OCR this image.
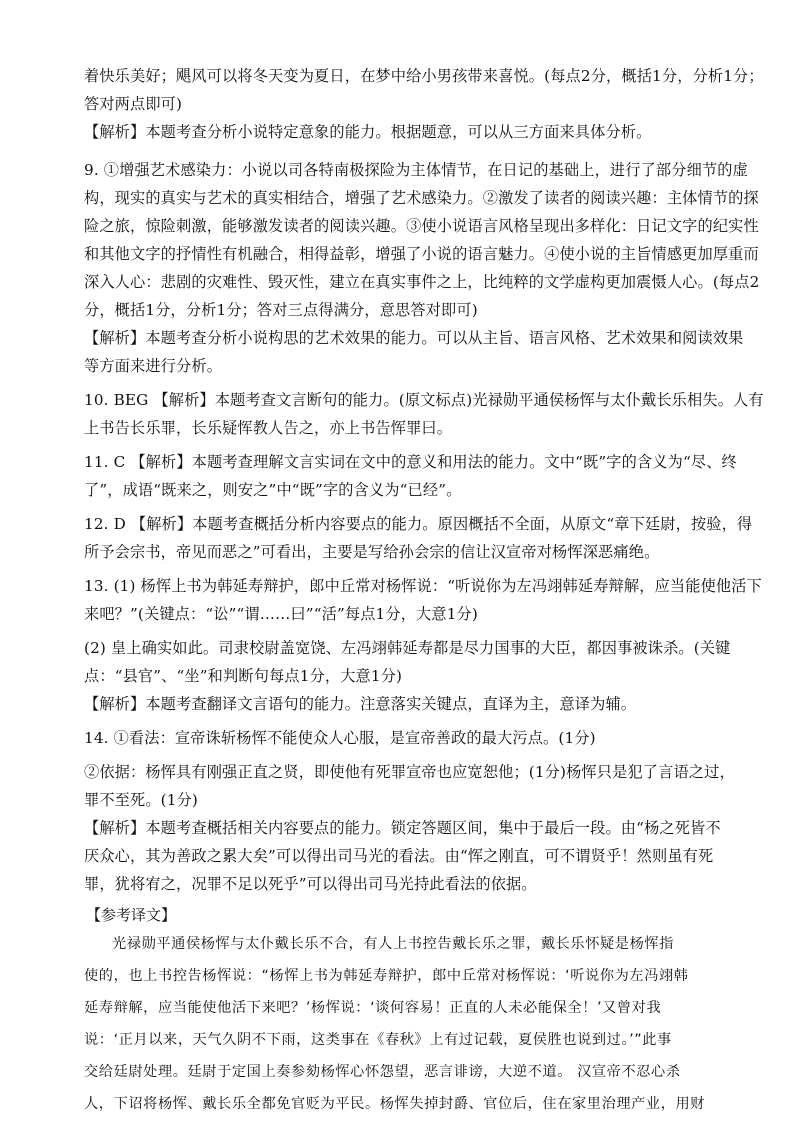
着快乐美好；飓风可以将冬天变为夏日，在梦中给小男孩带来喜悦。(每点2分，概括1分，分析1分；
答对两点即可)
【解析】本题考查分析小说特定意象的能力。根据题意，可以从三方面来具体分析。
9. ①增强艺术感染力：小说以司各特南极探险为主体情节，在日记的基础上，进行了部分细节的虚
构，现实的真实与艺术的真实相结合，增强了艺术感染力。②激发了读者的阅读兴趣：主体情节的探
险之旅，惊险刺激，能够激发读者的阅读兴趣。③使小说语言风格呈现出多样化：日记文字的纪实性
和其他文字的抒情性有机融合，相得益彰，增强了小说的语言魅力。④使小说的主旨情感更加厚重而
深入人心：悲剧的灾难性、毁灭性，建立在真实事件之上，比纯粹的文学虚构更加震慑人心。(每点2
分，概括1分，分析1分；答对三点得满分，意思答对即可)
【解析】本题考查分析小说构思的艺术效果的能力。可以从主旨、语言风格、艺术效果和阅读效果
等方面来进行分析。
10. BEG 【解析】本题考查文言断句的能力。(原文标点)光禄勋平通侯杨恽与太仆戴长乐相失。人有
上书告长乐罪，长乐疑恽教人告之，亦上书告恽罪曰。
11. C 【解析】本题考查理解文言实词在文中的意义和用法的能力。文中“既”字的含义为“尽、终
了”，成语“既来之，则安之”中“既”字的含义为“已经”。
12. D 【解析】本题考查概括分析内容要点的能力。原因概括不全面，从原文“章下廷尉，按验，得
所予会宗书，帝见而恶之”可看出，主要是写给孙会宗的信让汉宣帝对杨恽深恶痛绝。
13. (1) 杨恽上书为韩延寿辩护，郎中丘常对杨恽说：“听说你为左冯翊韩延寿辩解，应当能使他活下
来吧？”(关键点：“讼”“谓……曰”“活”每点1分，大意1分)
(2) 皇上确实如此。司隶校尉盖宽饶、左冯翊韩延寿都是尽力国事的大臣，都因事被诛杀。(关键
点：“县官”、“坐”和判断句每点1分，大意1分)
【解析】本题考查翻译文言语句的能力。注意落实关键点，直译为主，意译为辅。
14. ①看法：宣帝诛斩杨恽不能使众人心服，是宣帝善政的最大污点。(1分)
②依据：杨恽具有刚强正直之贤，即使他有死罪宣帝也应宽恕他；(1分)杨恽只是犯了言语之过，
罪不至死。(1分)
【解析】本题考查概括相关内容要点的能力。锁定答题区间，集中于最后一段。由“杨之死皆不
厌众心，其为善政之累大矣”可以得出司马光的看法。由“恽之刚直，可不谓贤乎！然则虽有死
罪，犹将宥之，况罪不足以死乎”可以得出司马光持此看法的依据。
【参考译文】
光禄勋平通侯杨恽与太仆戴长乐不合，有人上书控告戴长乐之罪，戴长乐怀疑是杨恽指
使的，也上书控告杨恽说：“杨恽上书为韩延寿辩护，郎中丘常对杨恽说：‘听说你为左冯翊韩
延寿辩解，应当能使他活下来吧？’杨恽说：‘谈何容易！正直的人未必能保全！’又曾对我
说：‘正月以来，天气久阴不下雨，这类事在《春秋》上有过记载，夏侯胜也说到过。’”此事
交给廷尉处理。廷尉于定国上奏参劾杨恽心怀怨望，恶言诽谤，大逆不道。 汉宣帝不忍心杀
人，下诏将杨恽、戴长乐全都免官贬为平民。杨恽失掉封爵、官位后，住在家里治理产业，用财
